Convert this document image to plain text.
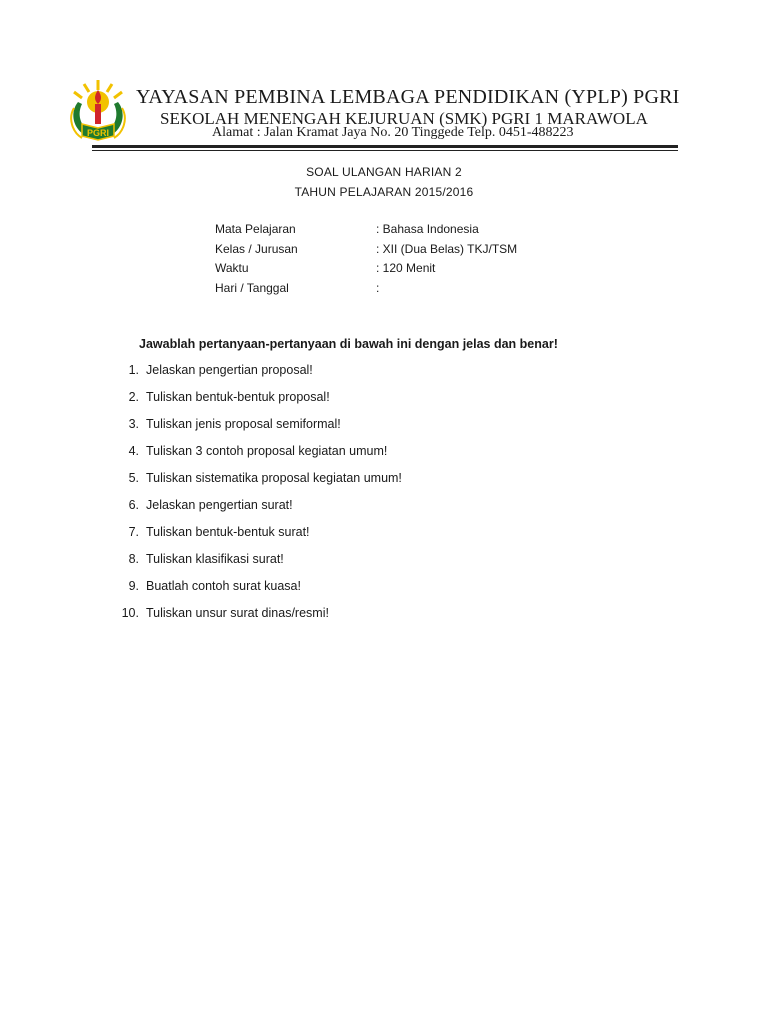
PGRI
YAYASAN PEMBINA LEMBAGA PENDIDIKAN (YPLP) PGRI
SEKOLAH MENENGAH KEJURUAN (SMK) PGRI 1 MARAWOLA
Alamat : Jalan Kramat Jaya No. 20 Tinggede Telp. 0451-488223
SOAL ULANGAN HARIAN 2
TAHUN PELAJARAN 2015/2016
Mata Pelajaran	: Bahasa Indonesia
Kelas / Jurusan	: XII (Dua Belas) TKJ/TSM
Waktu	: 120 Menit
Hari / Tanggal	:
Jawablah pertanyaan-pertanyaan di bawah ini dengan jelas dan benar!
1. Jelaskan pengertian proposal!
2. Tuliskan bentuk-bentuk proposal!
3. Tuliskan jenis proposal semiformal!
4. Tuliskan 3 contoh proposal kegiatan umum!
5. Tuliskan sistematika proposal kegiatan umum!
6. Jelaskan pengertian surat!
7. Tuliskan bentuk-bentuk surat!
8. Tuliskan klasifikasi surat!
9. Buatlah contoh surat kuasa!
10. Tuliskan unsur surat dinas/resmi!
